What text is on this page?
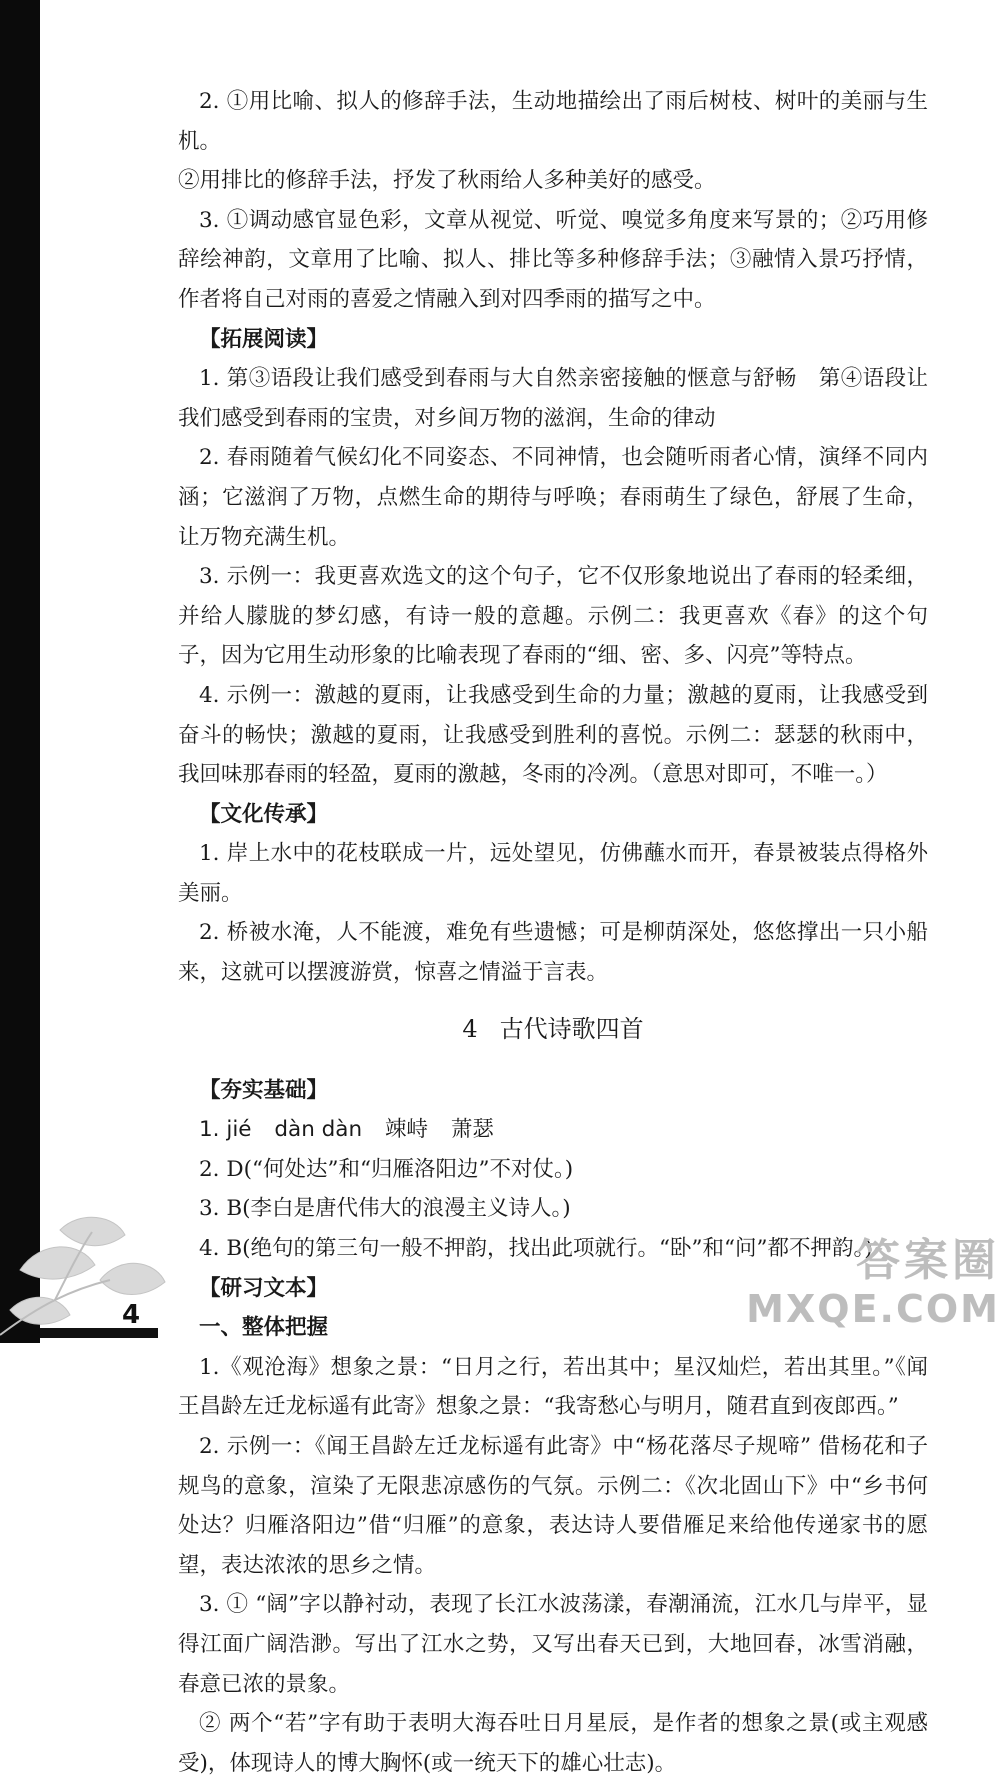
2. ①用比喻、拟人的修辞手法，生动地描绘出了雨后树枝、树叶的美丽与生机。

②用排比的修辞手法，抒发了秋雨给人多种美好的感受。

3. ①调动感官显色彩，文章从视觉、听觉、嗅觉多角度来写景的；②巧用修辞绘神韵，文章用了比喻、拟人、排比等多种修辞手法；③融情入景巧抒情，作者将自己对雨的喜爱之情融入到对四季雨的描写之中。

【拓展阅读】

1. 第③语段让我们感受到春雨与大自然亲密接触的惬意与舒畅　第④语段让我们感受到春雨的宝贵，对乡间万物的滋润，生命的律动

2. 春雨随着气候幻化不同姿态、不同神情，也会随听雨者心情，演绎不同内涵；它滋润了万物，点燃生命的期待与呼唤；春雨萌生了绿色，舒展了生命，让万物充满生机。

3. 示例一：我更喜欢选文的这个句子，它不仅形象地说出了春雨的轻柔细，并给人朦胧的梦幻感，有诗一般的意趣。示例二：我更喜欢《春》的这个句子，因为它用生动形象的比喻表现了春雨的“细、密、多、闪亮”等特点。

4. 示例一：激越的夏雨，让我感受到生命的力量；激越的夏雨，让我感受到奋斗的畅快；激越的夏雨，让我感受到胜利的喜悦。示例二：瑟瑟的秋雨中，我回味那春雨的轻盈，夏雨的激越，冬雨的冷冽。（意思对即可，不唯一。）

【文化传承】

1. 岸上水中的花枝联成一片，远处望见，仿佛蘸水而开，春景被装点得格外美丽。

2. 桥被水淹，人不能渡，难免有些遗憾；可是柳荫深处，悠悠撑出一只小船来，这就可以摆渡游赏，惊喜之情溢于言表。

4 古代诗歌四首

【夯实基础】

1. jié dàn dàn 竦峙 萧瑟

2. D(“何处达”和“归雁洛阳边”不对仗。)

3. B(李白是唐代伟大的浪漫主义诗人。)

4. B(绝句的第三句一般不押韵，找出此项就行。“卧”和“问”都不押韵。)

【研习文本】

一、整体把握

1.《观沧海》想象之景：“日月之行，若出其中；星汉灿烂，若出其里。”《闻王昌龄左迁龙标遥有此寄》想象之景：“我寄愁心与明月，随君直到夜郎西。”

2. 示例一：《闻王昌龄左迁龙标遥有此寄》中“杨花落尽子规啼” 借杨花和子规鸟的意象，渲染了无限悲凉感伤的气氛。示例二：《次北固山下》中“乡书何处达？归雁洛阳边”借“归雁”的意象，表达诗人要借雁足来给他传递家书的愿望，表达浓浓的思乡之情。

3. ① “阔”字以静衬动，表现了长江水波荡漾，春潮涌流，江水几与岸平，显得江面广阔浩渺。写出了江水之势，又写出春天已到，大地回春，冰雪消融，春意已浓的景象。

② 两个“若”字有助于表明大海吞吐日月星辰，是作者的想象之景(或主观感受)，体现诗人的博大胸怀(或一统天下的雄心壮志)。

4
答案圈
MXQE.COM
